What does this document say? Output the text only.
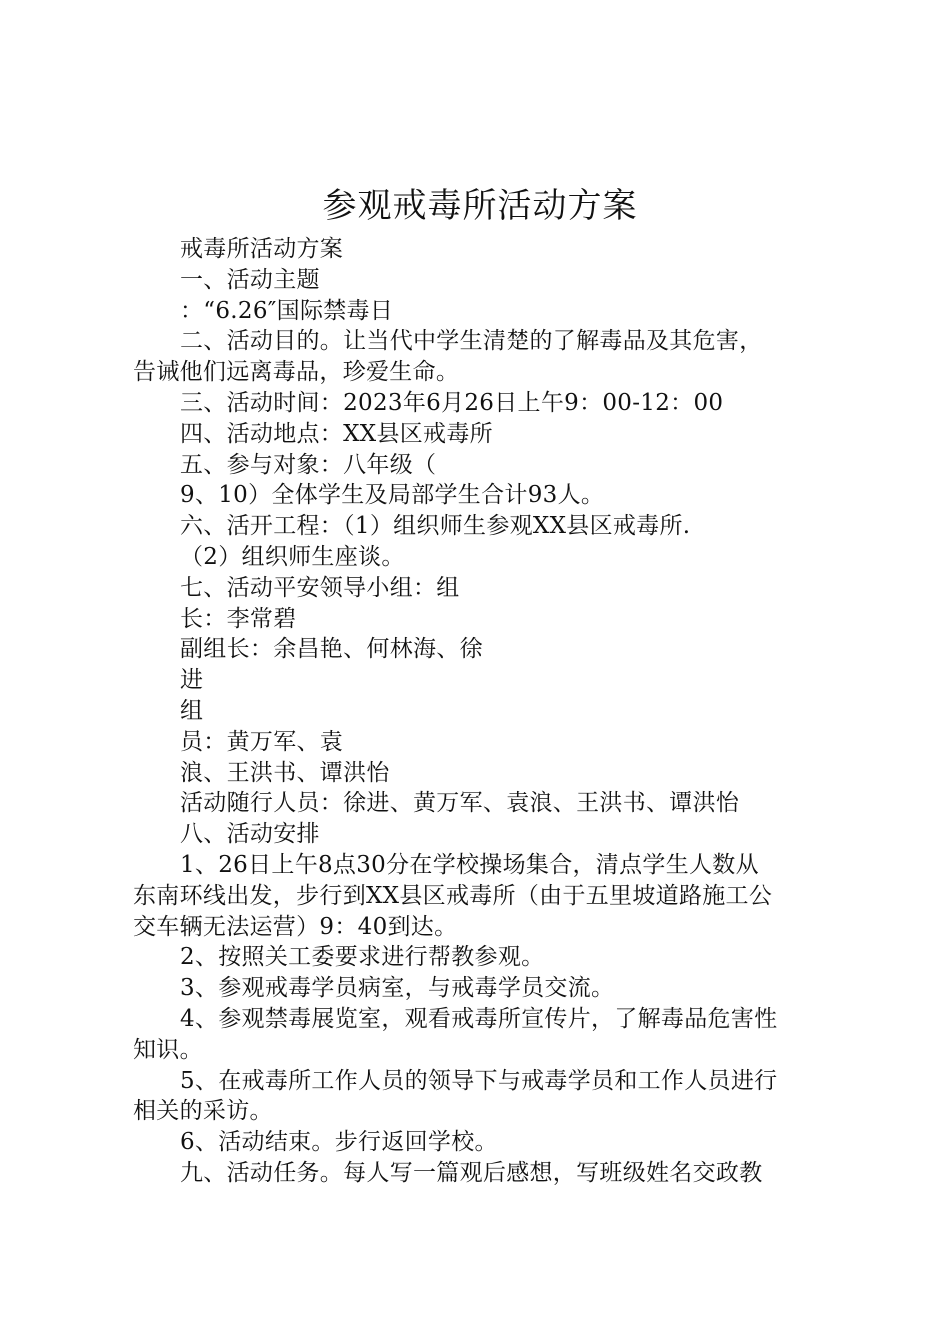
参观戒毒所活动方案
戒毒所活动方案
一、活动主题
：“6.26″国际禁毒日
二、活动目的。让当代中学生清楚的了解毒品及其危害，
告诫他们远离毒品，珍爱生命。
三、活动时间：2023年6月26日上午9：00-12：00
四、活动地点：XX县区戒毒所
五、参与对象：八年级（
9、10）全体学生及局部学生合计93人。
六、活开工程：（1）组织师生参观XX县区戒毒所.
（2）组织师生座谈。
七、活动平安领导小组：组
长：李常碧
副组长：余昌艳、何林海、徐
进
组
员：黄万军、袁
浪、王洪书、谭洪怡
活动随行人员：徐进、黄万军、袁浪、王洪书、谭洪怡
八、活动安排
1、26日上午8点30分在学校操场集合，清点学生人数从
东南环线出发，步行到XX县区戒毒所（由于五里坡道路施工公
交车辆无法运营）9：40到达。
2、按照关工委要求进行帮教参观。
3、参观戒毒学员病室，与戒毒学员交流。
4、参观禁毒展览室，观看戒毒所宣传片，了解毒品危害性
知识。
5、在戒毒所工作人员的领导下与戒毒学员和工作人员进行
相关的采访。
6、活动结束。步行返回学校。
九、活动任务。每人写一篇观后感想，写班级姓名交政教
